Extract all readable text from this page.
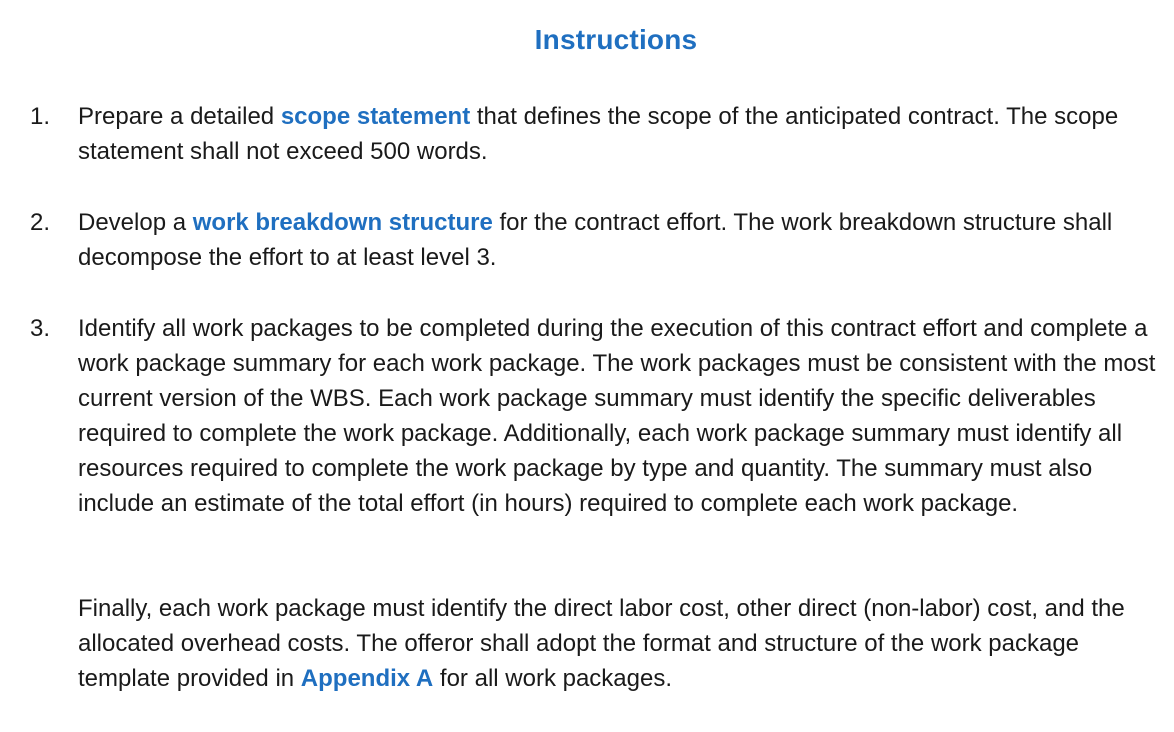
Instructions
1.	Prepare a detailed scope statement that defines the scope of the anticipated contract. The scope statement shall not exceed 500 words.
2.	Develop a work breakdown structure for the contract effort. The work breakdown structure shall decompose the effort to at least level 3.
3.	Identify all work packages to be completed during the execution of this contract effort and complete a work package summary for each work package. The work packages must be consistent with the most current version of the WBS. Each work package summary must identify the specific deliverables required to complete the work package. Additionally, each work package summary must identify all resources required to complete the work package by type and quantity. The summary must also include an estimate of the total effort (in hours) required to complete each work package.
Finally, each work package must identify the direct labor cost, other direct (non-labor) cost, and the allocated overhead costs. The offeror shall adopt the format and structure of the work package template provided in Appendix A for all work packages.
